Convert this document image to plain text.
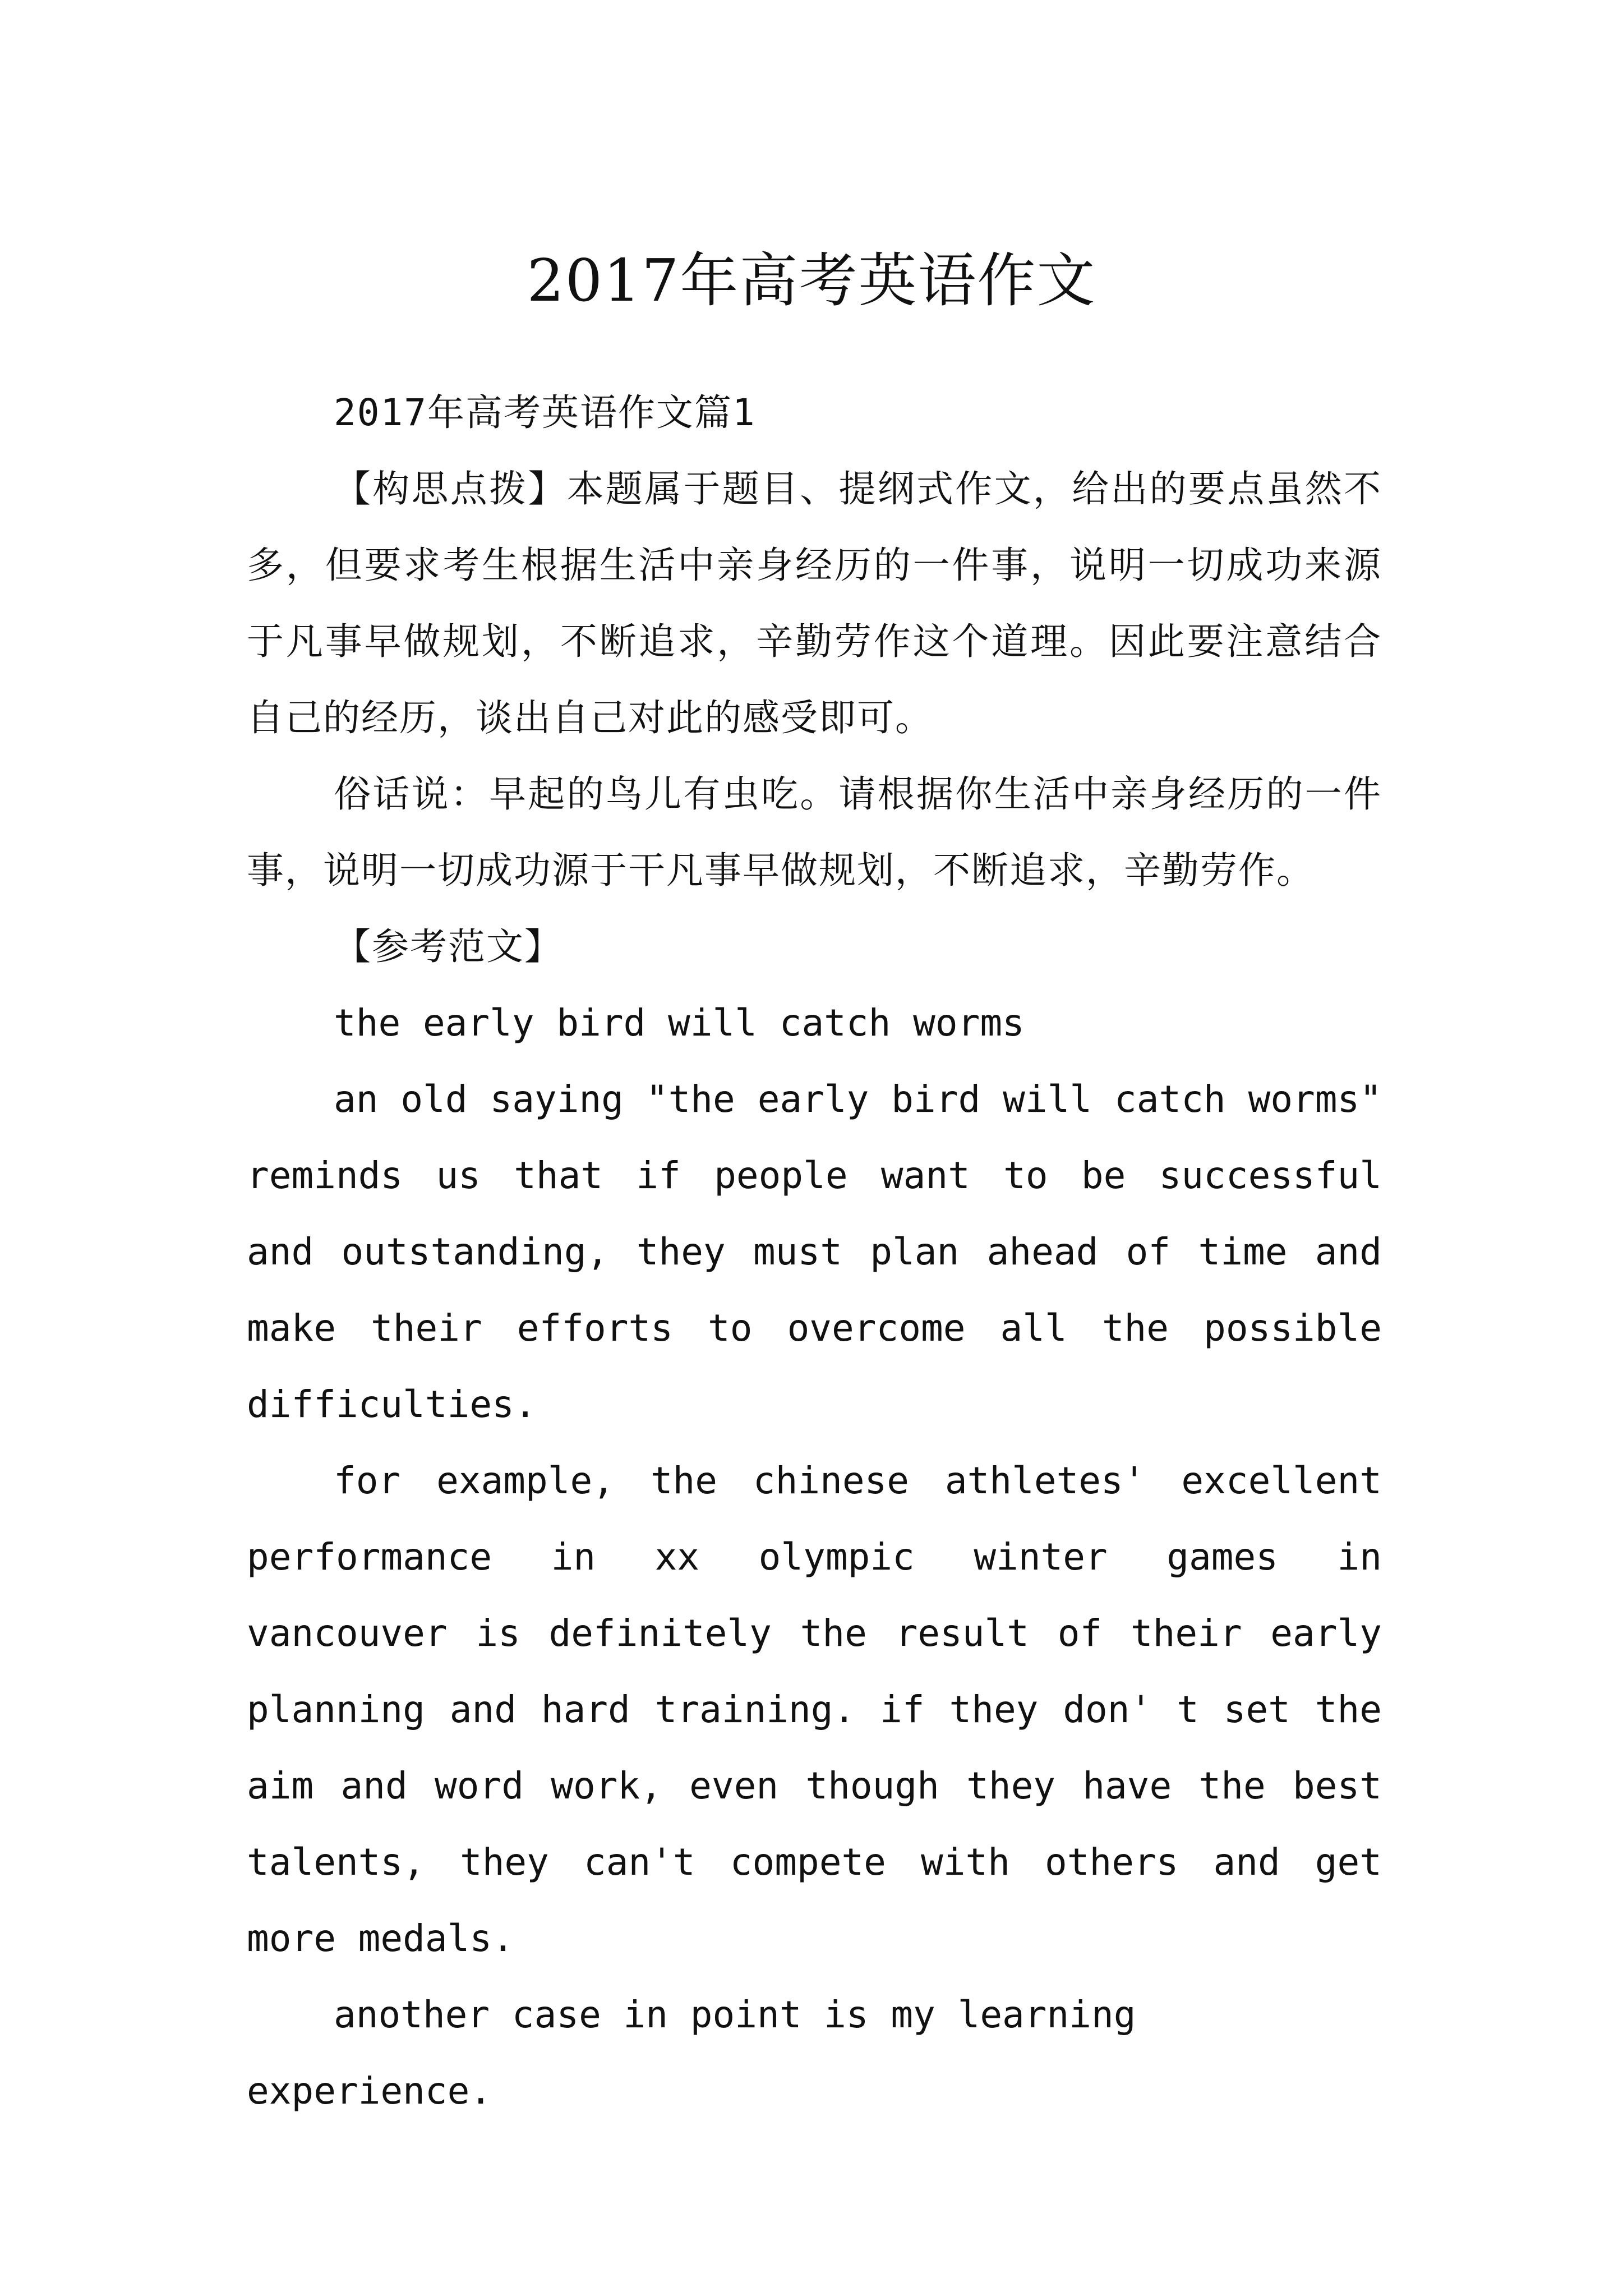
2017年高考英语作文

2017年高考英语作文篇1

【构思点拨】本题属于题目、提纲式作文，给出的要点虽然不多，但要求考生根据生活中亲身经历的一件事，说明一切成功来源于凡事早做规划，不断追求，辛勤劳作这个道理。因此要注意结合自己的经历，谈出自己对此的感受即可。

俗话说：早起的鸟儿有虫吃。请根据你生活中亲身经历的一件事，说明一切成功源于干凡事早做规划，不断追求，辛勤劳作。

【参考范文】

the early bird will catch worms

an old saying "the early bird will catch worms" reminds us that if people want to be successful and outstanding, they must plan ahead of time and make their efforts to overcome all the possible difficulties.

for example, the chinese athletes' excellent performance in xx olympic winter games in vancouver is definitely the result of their early planning and hard training. if they don' t set the aim and word work, even though they have the best talents, they can't compete with others and get more medals.

another case in point is my learning experience.
